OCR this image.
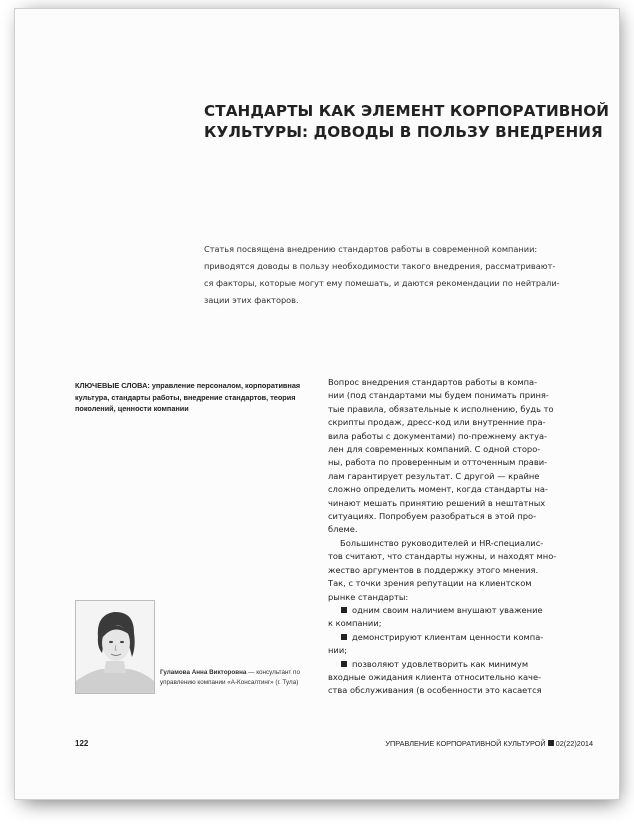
СТАНДАРТЫ КАК ЭЛЕМЕНТ КОРПОРАТИВНОЙ
КУЛЬТУРЫ: ДОВОДЫ В ПОЛЬЗУ ВНЕДРЕНИЯ

Статья посвящена внедрению стандартов работы в современной компании:
приводятся доводы в пользу необходимости такого внедрения, рассматривают-
ся факторы, которые могут ему помешать, и даются рекомендации по нейтрали-
зации этих факторов.

КЛЮЧЕВЫЕ СЛОВА: управление персоналом, корпоративная
культура, стандарты работы, внедрение стандартов, теория
поколений, ценности компании
Вопрос внедрения стандартов работы в компа-
нии (под стандартами мы будем понимать приня-
тые правила, обязательные к исполнению, будь то
скрипты продаж, дресс-код или внутренние пра-
вила работы с документами) по-прежнему актуа-
лен для современных компаний. С одной сторо-
ны, работа по проверенным и отточенным прави-
лам гарантирует результат. С другой — крайне
сложно определить момент, когда стандарты на-
чинают мешать принятию решений в нештатных
ситуациях. Попробуем разобраться в этой про-
блеме.
Большинство руководителей и HR-специалис-
тов считают, что стандарты нужны, и находят мно-
жество аргументов в поддержку этого мнения.
Так, с точки зрения репутации на клиентском
рынке стандарты:
одним своим наличием внушают уважение
к компании;
демонстрируют клиентам ценности компа-
нии;
позволяют удовлетворить как минимум
входные ожидания клиента относительно каче-
ства обслуживания (в особенности это касается
Гуламова Анна Викторовна — консультант по
управлению компании «А-Консалтинг» (г. Тула)
122	УПРАВЛЕНИЕ КОРПОРАТИВНОЙ КУЛЬТУРОЙ 02(22)2014
